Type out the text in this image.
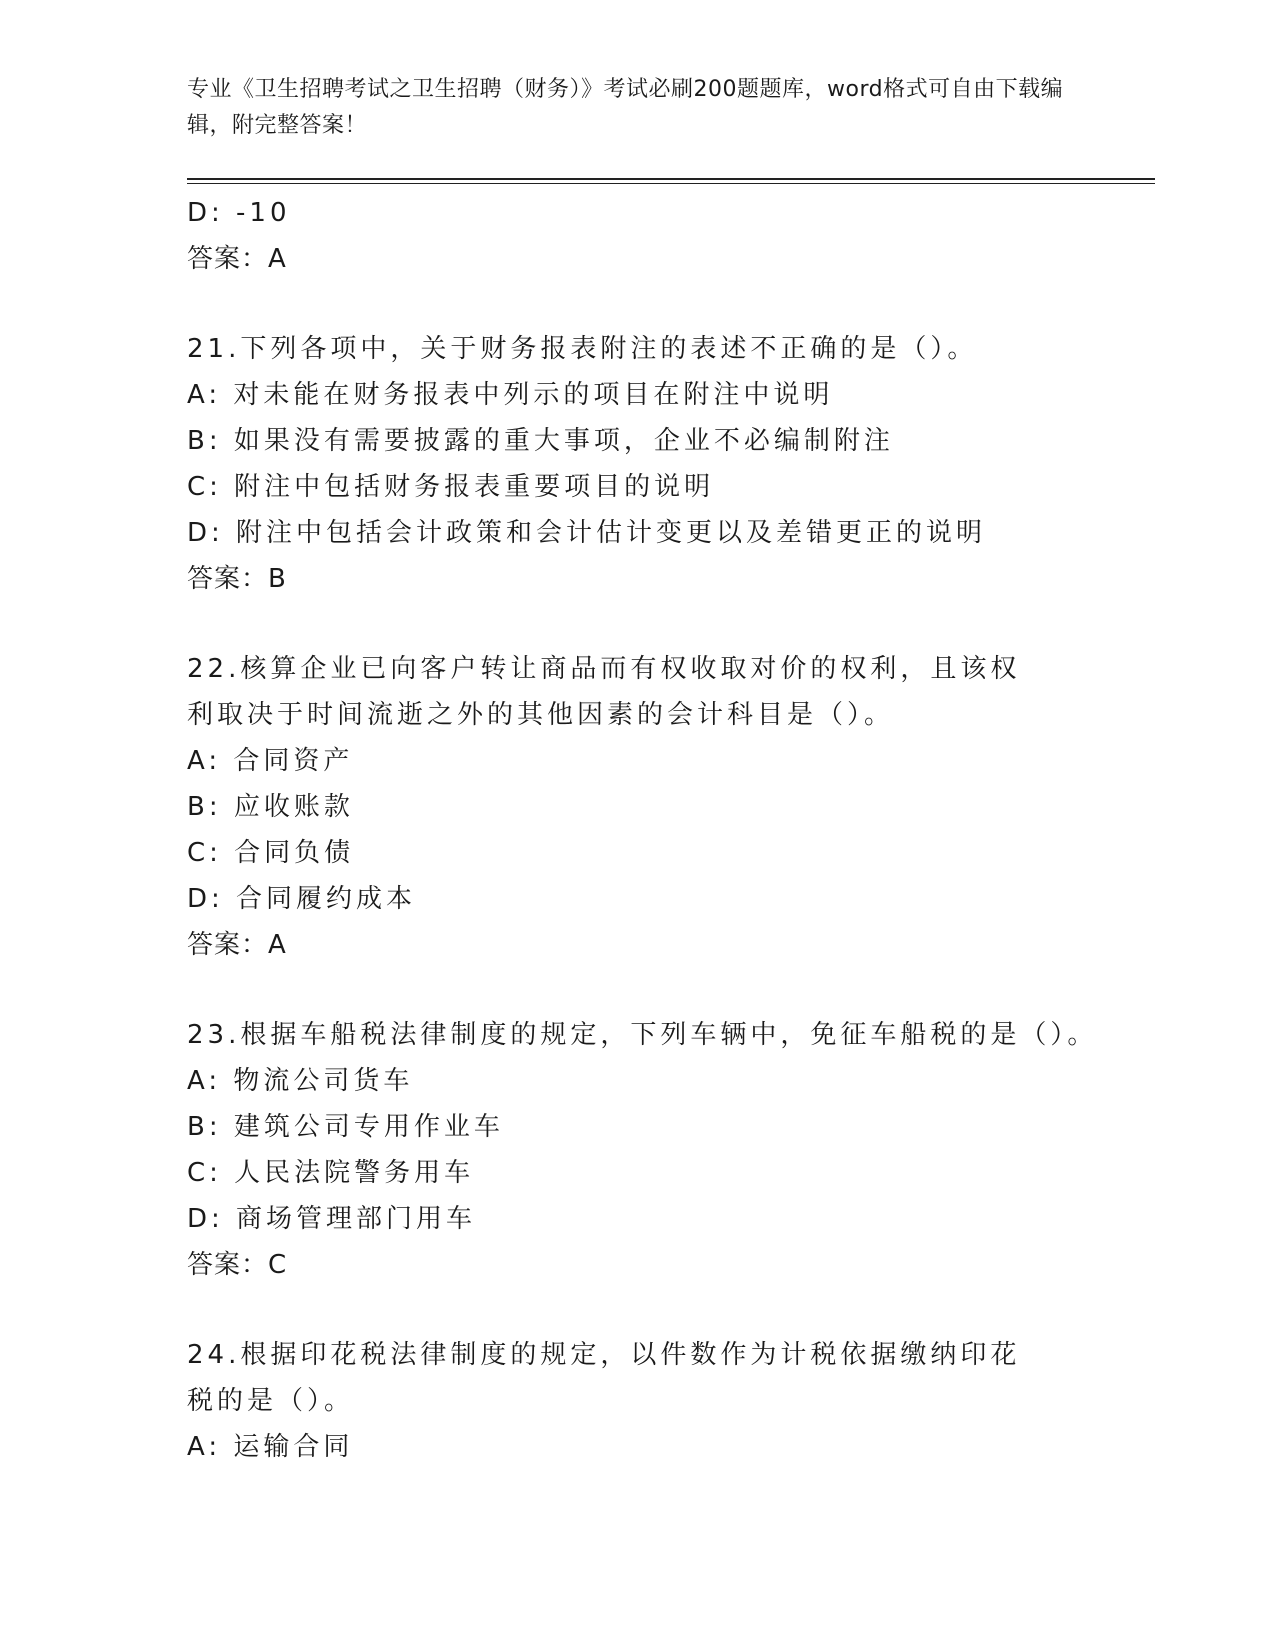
专业《卫生招聘考试之卫生招聘（财务）》考试必刷200题题库，word格式可自由下载编辑，附完整答案！
D: -10
答案：A
21.下列各项中，关于财务报表附注的表述不正确的是（）。
A: 对未能在财务报表中列示的项目在附注中说明
B: 如果没有需要披露的重大事项，企业不必编制附注
C: 附注中包括财务报表重要项目的说明
D: 附注中包括会计政策和会计估计变更以及差错更正的说明
答案：B
22.核算企业已向客户转让商品而有权收取对价的权利，且该权利取决于时间流逝之外的其他因素的会计科目是（）。
A: 合同资产
B: 应收账款
C: 合同负债
D: 合同履约成本
答案：A
23.根据车船税法律制度的规定，下列车辆中，免征车船税的是（）。
A: 物流公司货车
B: 建筑公司专用作业车
C: 人民法院警务用车
D: 商场管理部门用车
答案：C
24.根据印花税法律制度的规定，以件数作为计税依据缴纳印花税的是（）。
A: 运输合同
